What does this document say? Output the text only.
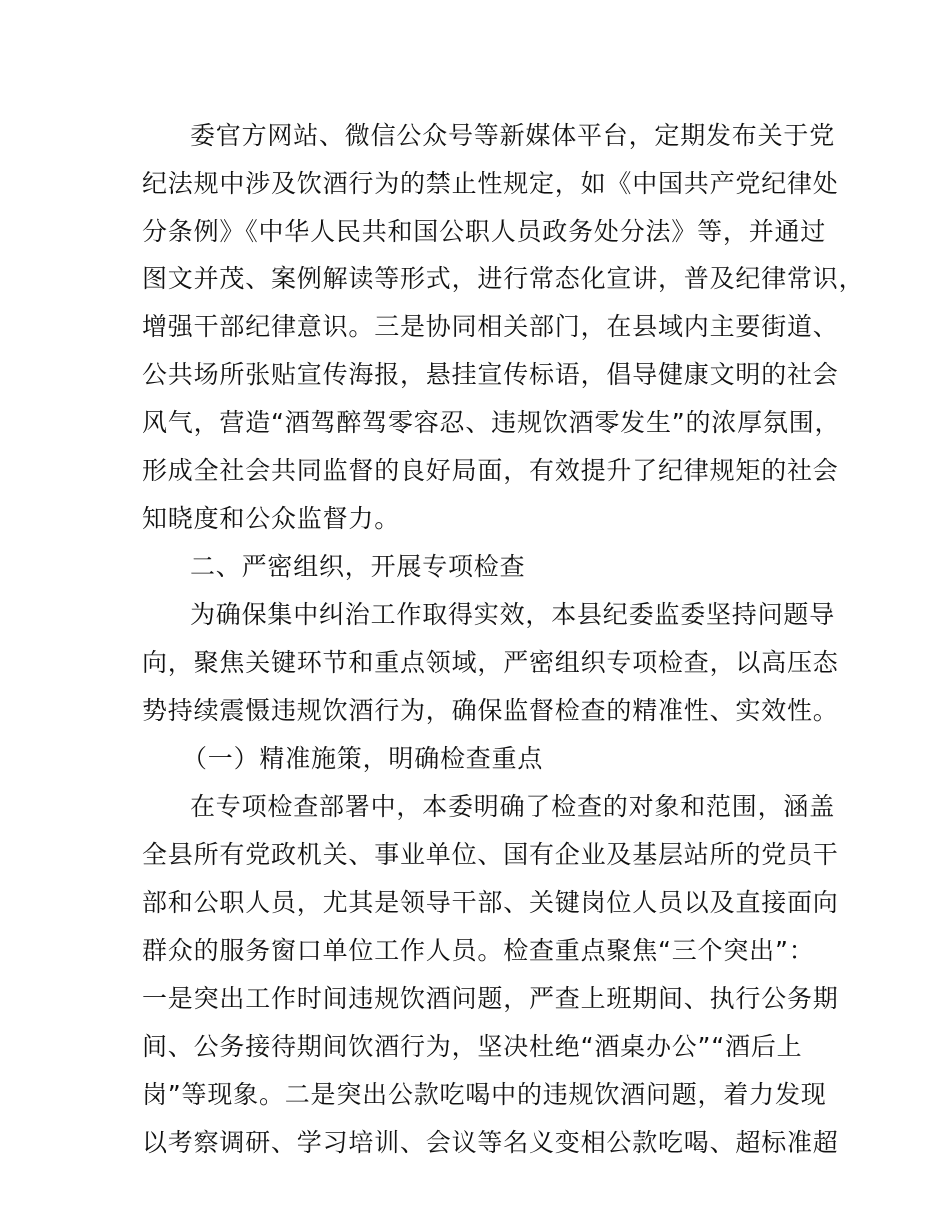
委官方网站、微信公众号等新媒体平台，定期发布关于党
纪法规中涉及饮酒行为的禁止性规定，如《中国共产党纪律处
分条例》《中华人民共和国公职人员政务处分法》等，并通过
图文并茂、案例解读等形式，进行常态化宣讲，普及纪律常识，
增强干部纪律意识。三是协同相关部门，在县域内主要街道、
公共场所张贴宣传海报，悬挂宣传标语，倡导健康文明的社会
风气，营造“酒驾醉驾零容忍、违规饮酒零发生”的浓厚氛围，
形成全社会共同监督的良好局面，有效提升了纪律规矩的社会
知晓度和公众监督力。
二、严密组织，开展专项检查
为确保集中纠治工作取得实效，本县纪委监委坚持问题导
向，聚焦关键环节和重点领域，严密组织专项检查，以高压态
势持续震慑违规饮酒行为，确保监督检查的精准性、实效性。
（一）精准施策，明确检查重点
在专项检查部署中，本委明确了检查的对象和范围，涵盖
全县所有党政机关、事业单位、国有企业及基层站所的党员干
部和公职人员，尤其是领导干部、关键岗位人员以及直接面向
群众的服务窗口单位工作人员。检查重点聚焦“三个突出”：
一是突出工作时间违规饮酒问题，严查上班期间、执行公务期
间、公务接待期间饮酒行为，坚决杜绝“酒桌办公”“酒后上
岗”等现象。二是突出公款吃喝中的违规饮酒问题，着力发现
以考察调研、学习培训、会议等名义变相公款吃喝、超标准超
